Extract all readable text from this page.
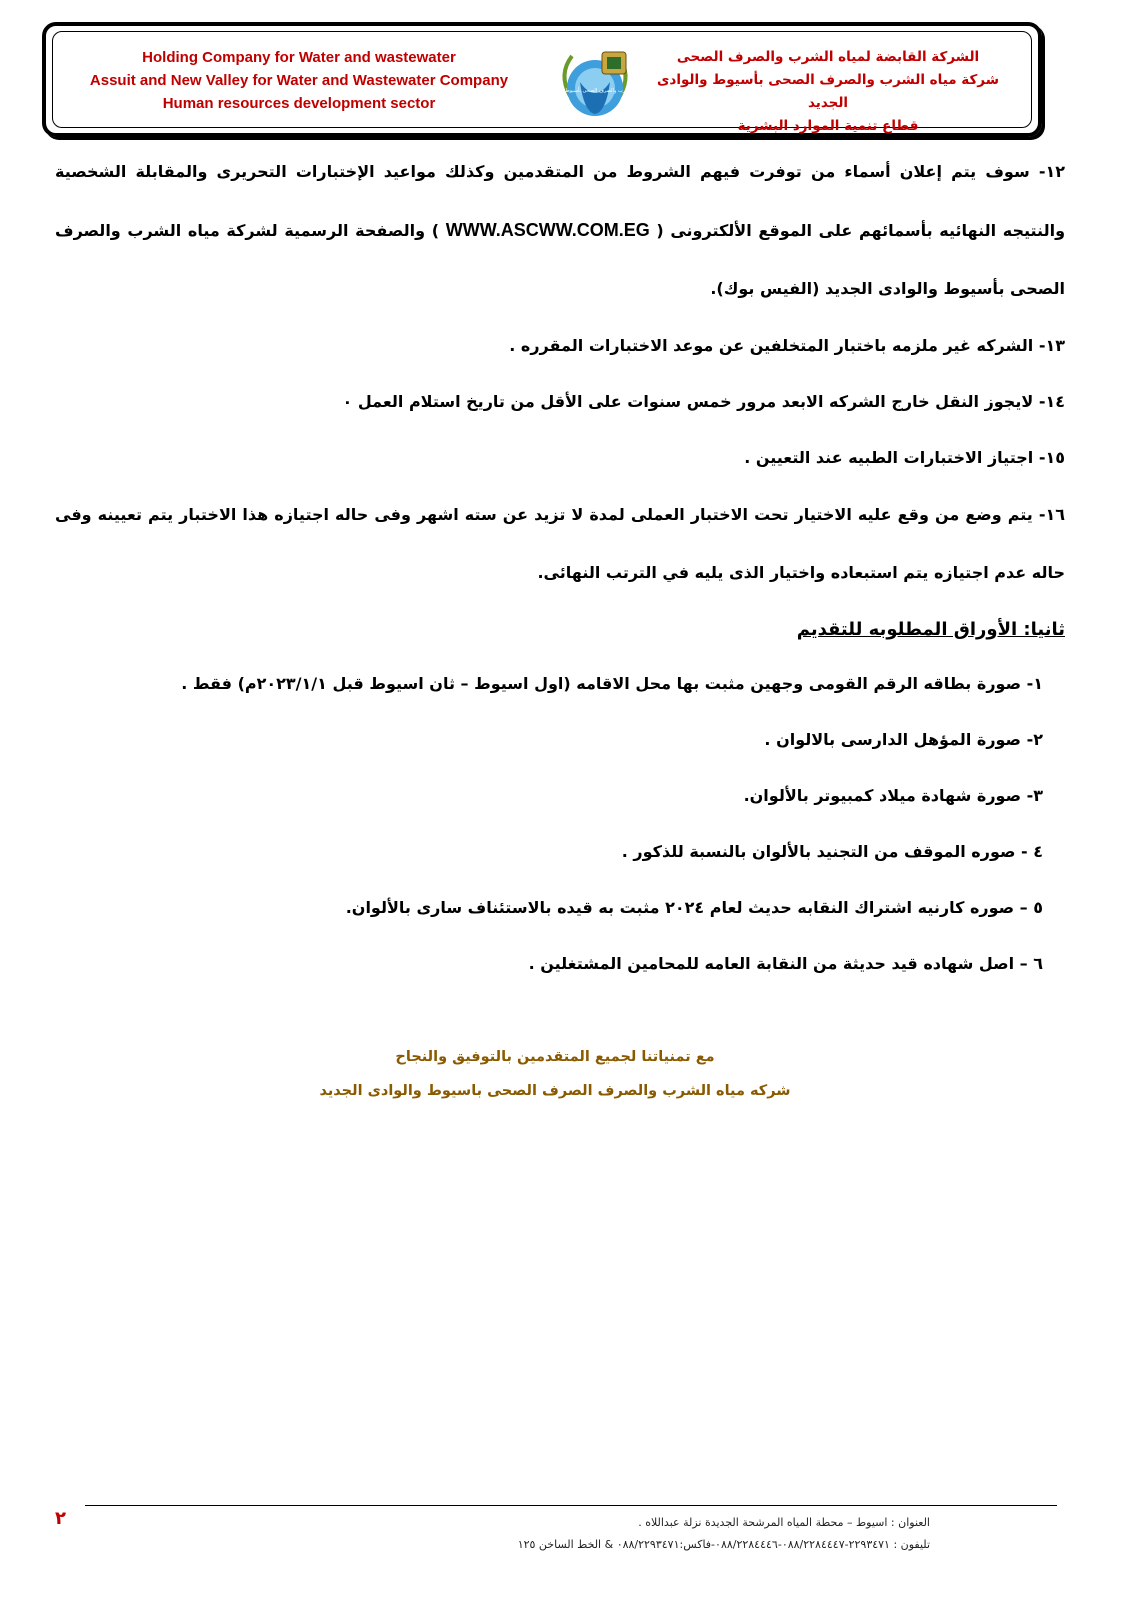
Holding Company for Water and wastewater
Assuit and New Valley for Water and Wastewater Company
Human resources development sector
شركة مياه الشرب والصرف الصحى بأسيوط والوادى الجديد
الشركة القابضة لمياه الشرب والصرف الصحى
شركة مياه الشرب والصرف الصحى بأسيوط والوادى الجديد
قطاع تنمية الموارد البشرية

١٢- سوف يتم إعلان أسماء من توفرت فيهم الشروط من المتقدمين وكذلك مواعيد الإختبارات التحريرى والمقابلة الشخصية والنتيجه النهائيه بأسمائهم على الموقع الألكترونى ( WWW.ASCWW.COM.EG ) والصفحة الرسمية لشركة مياه الشرب والصرف الصحى بأسيوط والوادى الجديد (الفيس بوك).

١٣- الشركه غير ملزمه باختبار المتخلفين عن موعد الاختبارات المقرره .

١٤- لايجوز النقل خارج الشركه الابعد مرور خمس سنوات على الأقل من تاريخ استلام العمل ٠

١٥- اجتياز الاختبارات الطبيه عند التعيين .

١٦- يتم وضع من وقع عليه الاختيار تحت الاختبار العملى لمدة لا تزيد عن سته اشهر وفى حاله اجتيازه هذا الاختبار يتم تعيينه وفى حاله عدم اجتيازه يتم استبعاده واختيار الذى يليه في الترتب النهائى.

ثانيا: الأوراق المطلوبه للتقديم

١- صورة بطاقه الرقم القومى وجهين مثبت بها محل الاقامه (اول اسيوط – ثان اسيوط قبل ٢٠٢٣/١/١م) فقط .

٢- صورة المؤهل الدارسى بالالوان .

٣- صورة شهادة ميلاد كمبيوتر بالألوان.

٤ - صوره الموقف من التجنيد بالألوان بالنسبة للذكور .

٥ – صوره كارنيه اشتراك النقابه حديث لعام ٢٠٢٤ مثبت به قيده بالاستئناف سارى بالألوان.

٦ – اصل شهاده قيد حديثة من النقابة العامه للمحامين المشتغلين .

مع تمنياتنا لجميع المتقدمين بالتوفيق والنجاح
شركه مياه الشرب والصرف الصرف الصحى باسيوط والوادى الجديد
العنوان : اسيوط – محطة المياه المرشحة الجديدة نزلة عبداللاه .
تليفون : ٢٢٩٣٤٧١-٠٨٨/٢٢٨٤٤٤٧-٠٨٨/٢٢٨٤٤٤٦-فاكس:٠٨٨/٢٢٩٣٤٧١ & الخط الساخن ١٢٥
٢
